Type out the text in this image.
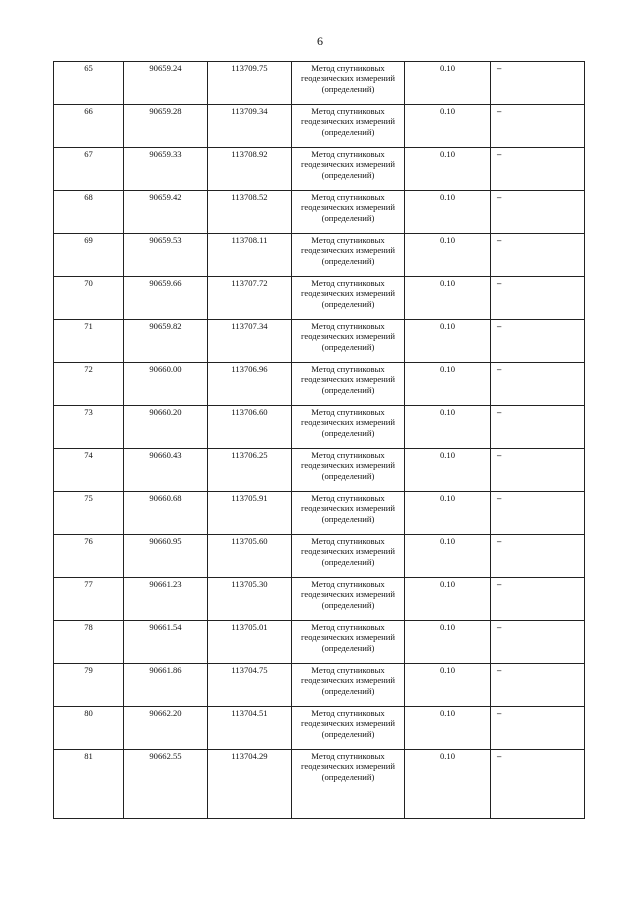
6
65	90659.24	113709.75	Метод спутниковых геодезических измерений (определений)	0.10	–
66	90659.28	113709.34	Метод спутниковых геодезических измерений (определений)	0.10	–
67	90659.33	113708.92	Метод спутниковых геодезических измерений (определений)	0.10	–
68	90659.42	113708.52	Метод спутниковых геодезических измерений (определений)	0.10	–
69	90659.53	113708.11	Метод спутниковых геодезических измерений (определений)	0.10	–
70	90659.66	113707.72	Метод спутниковых геодезических измерений (определений)	0.10	–
71	90659.82	113707.34	Метод спутниковых геодезических измерений (определений)	0.10	–
72	90660.00	113706.96	Метод спутниковых геодезических измерений (определений)	0.10	–
73	90660.20	113706.60	Метод спутниковых геодезических измерений (определений)	0.10	–
74	90660.43	113706.25	Метод спутниковых геодезических измерений (определений)	0.10	–
75	90660.68	113705.91	Метод спутниковых геодезических измерений (определений)	0.10	–
76	90660.95	113705.60	Метод спутниковых геодезических измерений (определений)	0.10	–
77	90661.23	113705.30	Метод спутниковых геодезических измерений (определений)	0.10	–
78	90661.54	113705.01	Метод спутниковых геодезических измерений (определений)	0.10	–
79	90661.86	113704.75	Метод спутниковых геодезических измерений (определений)	0.10	–
80	90662.20	113704.51	Метод спутниковых геодезических измерений (определений)	0.10	–
81	90662.55	113704.29	Метод спутниковых геодезических измерений (определений)	0.10	–
